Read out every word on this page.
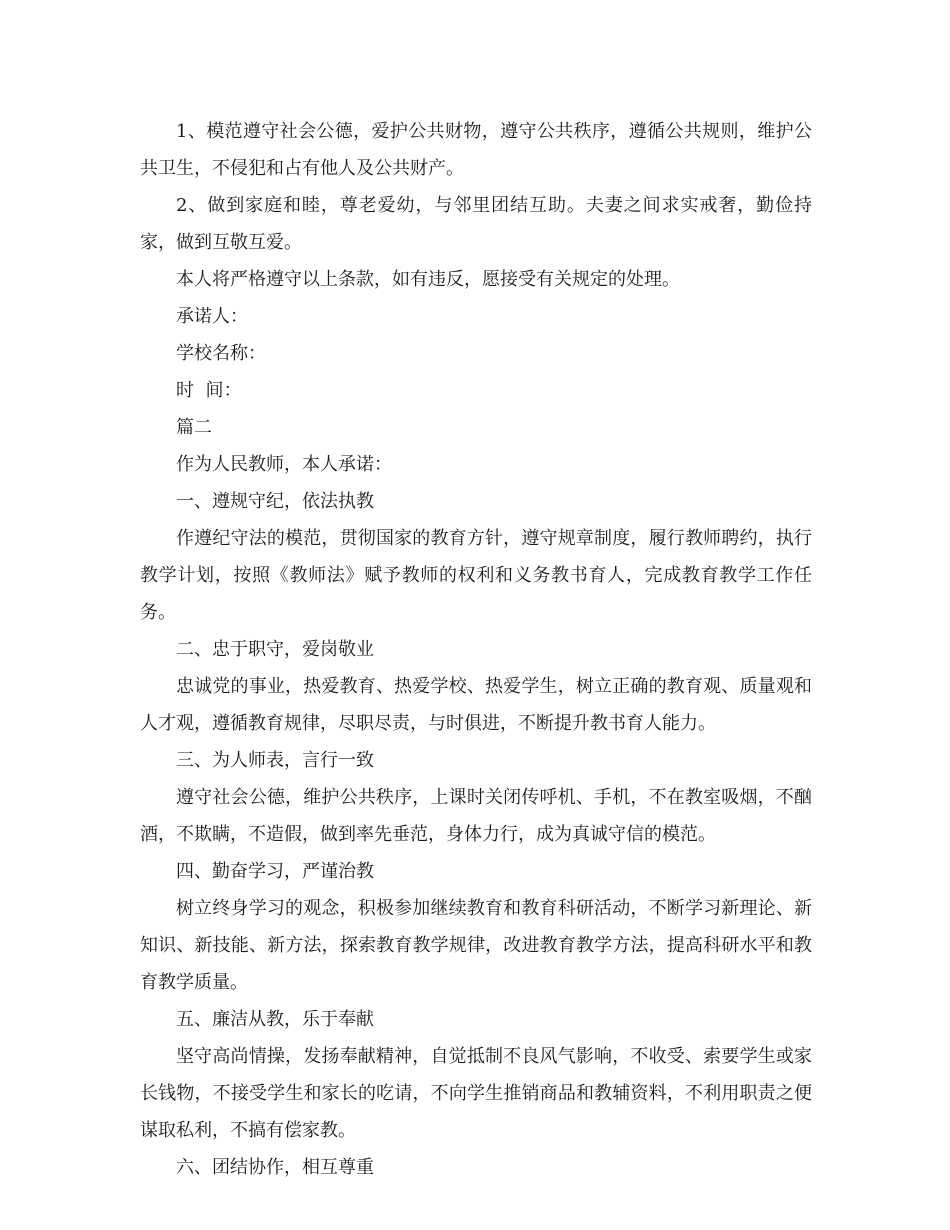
1、模范遵守社会公德，爱护公共财物，遵守公共秩序，遵循公共规则，维护公共卫生，不侵犯和占有他人及公共财产。

2、做到家庭和睦，尊老爱幼，与邻里团结互助。夫妻之间求实戒奢，勤俭持家，做到互敬互爱。

本人将严格遵守以上条款，如有违反，愿接受有关规定的处理。

承诺人：

学校名称：

时  间：

篇二

作为人民教师，本人承诺：

一、遵规守纪，依法执教

作遵纪守法的模范，贯彻国家的教育方针，遵守规章制度，履行教师聘约，执行教学计划，按照《教师法》赋予教师的权利和义务教书育人，完成教育教学工作任务。

二、忠于职守，爱岗敬业

忠诚党的事业，热爱教育、热爱学校、热爱学生，树立正确的教育观、质量观和人才观，遵循教育规律，尽职尽责，与时俱进，不断提升教书育人能力。

三、为人师表，言行一致

遵守社会公德，维护公共秩序，上课时关闭传呼机、手机，不在教室吸烟，不酗酒，不欺瞒，不造假，做到率先垂范，身体力行，成为真诚守信的模范。

四、勤奋学习，严谨治教

树立终身学习的观念，积极参加继续教育和教育科研活动，不断学习新理论、新知识、新技能、新方法，探索教育教学规律，改进教育教学方法，提高科研水平和教育教学质量。

五、廉洁从教，乐于奉献

坚守高尚情操，发扬奉献精神，自觉抵制不良风气影响，不收受、索要学生或家长钱物，不接受学生和家长的吃请，不向学生推销商品和教辅资料，不利用职责之便谋取私利，不搞有偿家教。

六、团结协作，相互尊重
